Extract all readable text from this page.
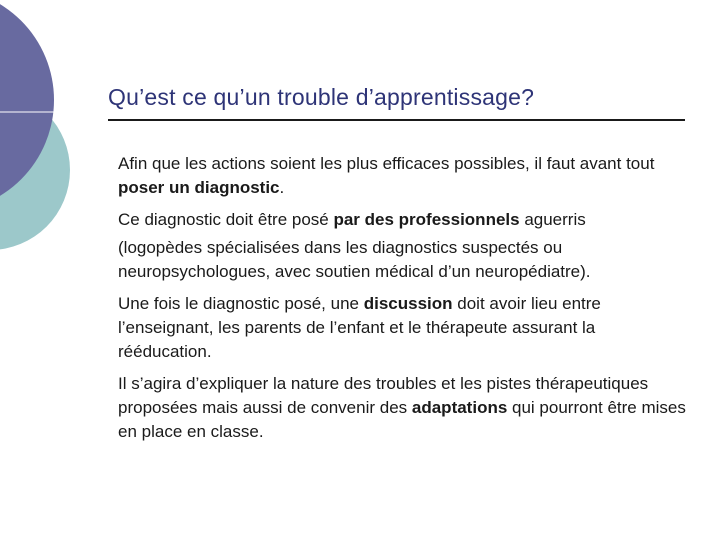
Qu’est ce qu’un trouble d’apprentissage?

Afin que les actions soient les plus efficaces possibles, il faut avant tout poser un diagnostic.

Ce diagnostic doit être posé par des professionnels aguerris

(logopèdes spécialisées dans les diagnostics suspectés ou neuropsychologues, avec soutien médical d’un neuropédiatre).

Une fois le diagnostic posé, une discussion doit avoir lieu entre l’enseignant, les parents de l’enfant et le thérapeute assurant la rééducation.

Il s’agira d’expliquer la nature des troubles et les pistes thérapeutiques proposées mais aussi de convenir des adaptations qui pourront être mises en place en classe.
